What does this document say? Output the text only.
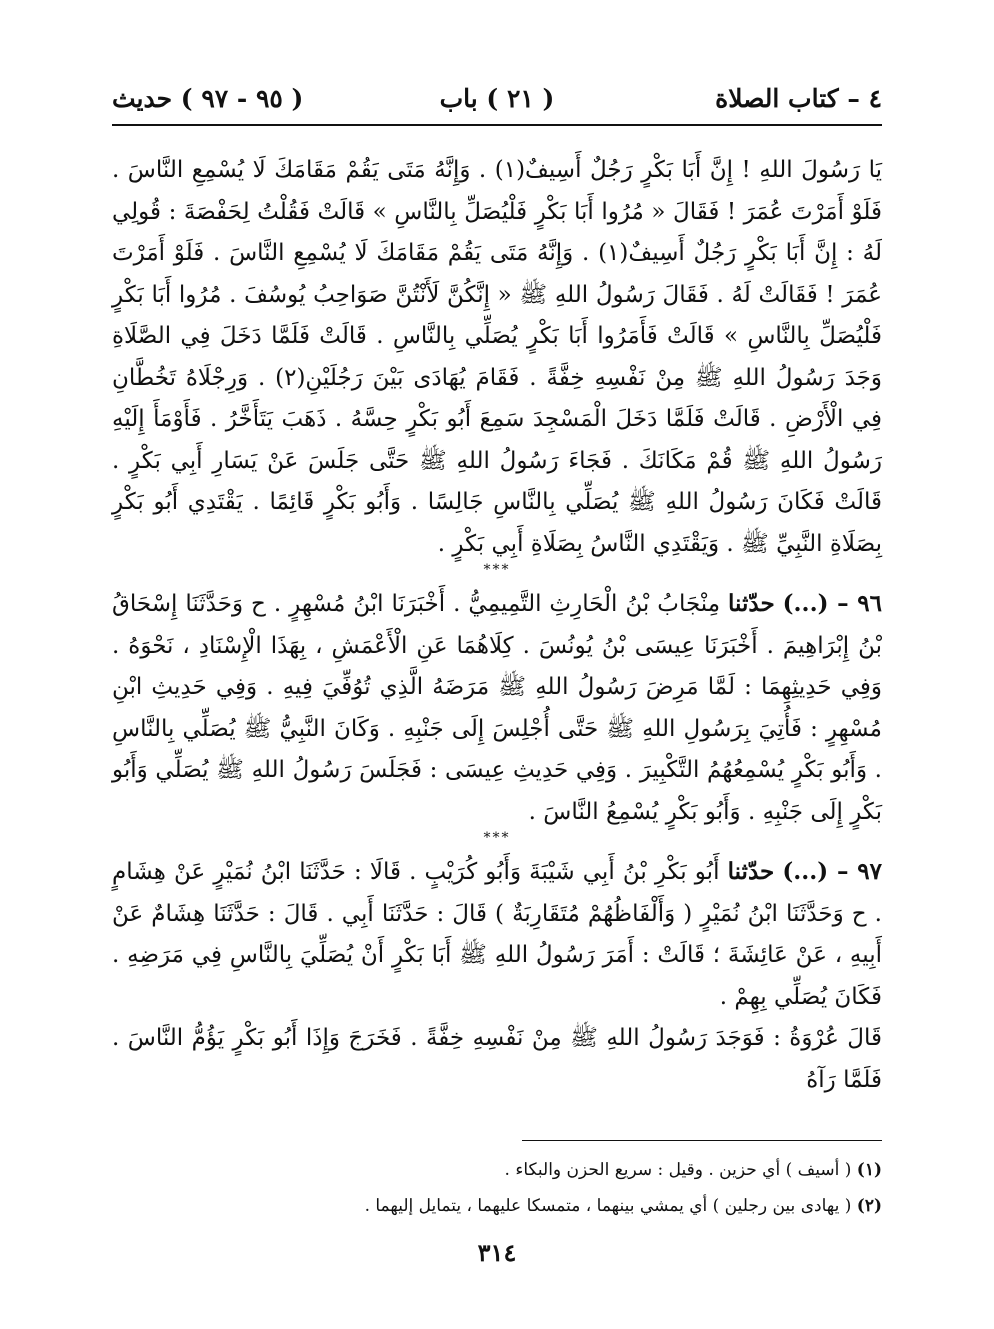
٤ – كتاب الصلاة
( ٢١ ) باب
( ٩٥ - ٩٧ ) حديث

يَا رَسُولَ اللهِ ! إِنَّ أَبَا بَكْرٍ رَجُلٌ أَسِيفٌ(١) . وَإِنَّهُ مَتَى يَقُمْ مَقَامَكَ لَا يُسْمِعِ النَّاسَ . فَلَوْ أَمَرْتَ عُمَرَ ! فَقَالَ « مُرُوا أَبَا بَكْرٍ فَلْيُصَلِّ بِالنَّاسِ » قَالَتْ فَقُلْتُ لِحَفْصَةَ : قُولِي لَهُ : إِنَّ أَبَا بَكْرٍ رَجُلٌ أَسِيفٌ(١) . وَإِنَّهُ مَتَى يَقُمْ مَقَامَكَ لَا يُسْمِعِ النَّاسَ . فَلَوْ أَمَرْتَ عُمَرَ ! فَقَالَتْ لَهُ . فَقَالَ رَسُولُ اللهِ ﷺ « إِنَّكُنَّ لَأَنْتُنَّ صَوَاحِبُ يُوسُفَ . مُرُوا أَبَا بَكْرٍ فَلْيُصَلِّ بِالنَّاسِ » قَالَتْ فَأَمَرُوا أَبَا بَكْرٍ يُصَلِّي بِالنَّاسِ . قَالَتْ فَلَمَّا دَخَلَ فِي الصَّلَاةِ وَجَدَ رَسُولُ اللهِ ﷺ مِنْ نَفْسِهِ خِفَّةً . فَقَامَ يُهَادَى بَيْنَ رَجُلَيْنِ(٢) . وَرِجْلَاهُ تَخُطَّانِ فِي الْأَرْضِ . قَالَتْ فَلَمَّا دَخَلَ الْمَسْجِدَ سَمِعَ أَبُو بَكْرٍ حِسَّهُ . ذَهَبَ يَتَأَخَّرُ . فَأَوْمَأَ إِلَيْهِ رَسُولُ اللهِ ﷺ قُمْ مَكَانَكَ . فَجَاءَ رَسُولُ اللهِ ﷺ حَتَّى جَلَسَ عَنْ يَسَارِ أَبِي بَكْرٍ . قَالَتْ فَكَانَ رَسُولُ اللهِ ﷺ يُصَلِّي بِالنَّاسِ جَالِسًا . وَأَبُو بَكْرٍ قَائِمًا . يَقْتَدِي أَبُو بَكْرٍ بِصَلَاةِ النَّبِيِّ ﷺ . وَيَقْتَدِي النَّاسُ بِصَلَاةِ أَبِي بَكْرٍ .

***

٩٦ – (...) حدّثنا مِنْجَابُ بْنُ الْحَارِثِ التَّمِيمِيُّ . أَخْبَرَنَا ابْنُ مُسْهِرٍ . ح وَحَدَّثَنَا إِسْحَاقُ بْنُ إِبْرَاهِيمَ . أَخْبَرَنَا عِيسَى بْنُ يُونُسَ . كِلَاهُمَا عَنِ الْأَعْمَشِ ، بِهَذَا الْإِسْنَادِ ، نَحْوَهُ . وَفِي حَدِيثِهِمَا : لَمَّا مَرِضَ رَسُولُ اللهِ ﷺ مَرَضَهُ الَّذِي تُوُفِّيَ فِيهِ . وَفِي حَدِيثِ ابْنِ مُسْهِرٍ : فَأُتِيَ بِرَسُولِ اللهِ ﷺ حَتَّى أُجْلِسَ إِلَى جَنْبِهِ . وَكَانَ النَّبِيُّ ﷺ يُصَلِّي بِالنَّاسِ . وَأَبُو بَكْرٍ يُسْمِعُهُمُ التَّكْبِيرَ . وَفِي حَدِيثِ عِيسَى : فَجَلَسَ رَسُولُ اللهِ ﷺ يُصَلِّي وَأَبُو بَكْرٍ إِلَى جَنْبِهِ . وَأَبُو بَكْرٍ يُسْمِعُ النَّاسَ .

***

٩٧ – (...) حدّثنا أَبُو بَكْرِ بْنُ أَبِي شَيْبَةَ وَأَبُو كُرَيْبٍ . قَالَا : حَدَّثَنَا ابْنُ نُمَيْرٍ عَنْ هِشَامٍ . ح وَحَدَّثَنَا ابْنُ نُمَيْرٍ ( وَأَلْفَاظُهُمْ مُتَقَارِبَةٌ ) قَالَ : حَدَّثَنَا أَبِي . قَالَ : حَدَّثَنَا هِشَامٌ عَنْ أَبِيهِ ، عَنْ عَائِشَةَ ؛ قَالَتْ : أَمَرَ رَسُولُ اللهِ ﷺ أَبَا بَكْرٍ أَنْ يُصَلِّيَ بِالنَّاسِ فِي مَرَضِهِ . فَكَانَ يُصَلِّي بِهِمْ .

قَالَ عُرْوَةُ : فَوَجَدَ رَسُولُ اللهِ ﷺ مِنْ نَفْسِهِ خِفَّةً . فَخَرَجَ وَإِذَا أَبُو بَكْرٍ يَؤُمُّ النَّاسَ . فَلَمَّا رَآهُ

(١) ( أسيف ) أي حزين . وقيل : سريع الحزن والبكاء .

(٢) ( يهادى بين رجلين ) أي يمشي بينهما ، متمسكا عليهما ، يتمايل إليهما .

٣١٤
